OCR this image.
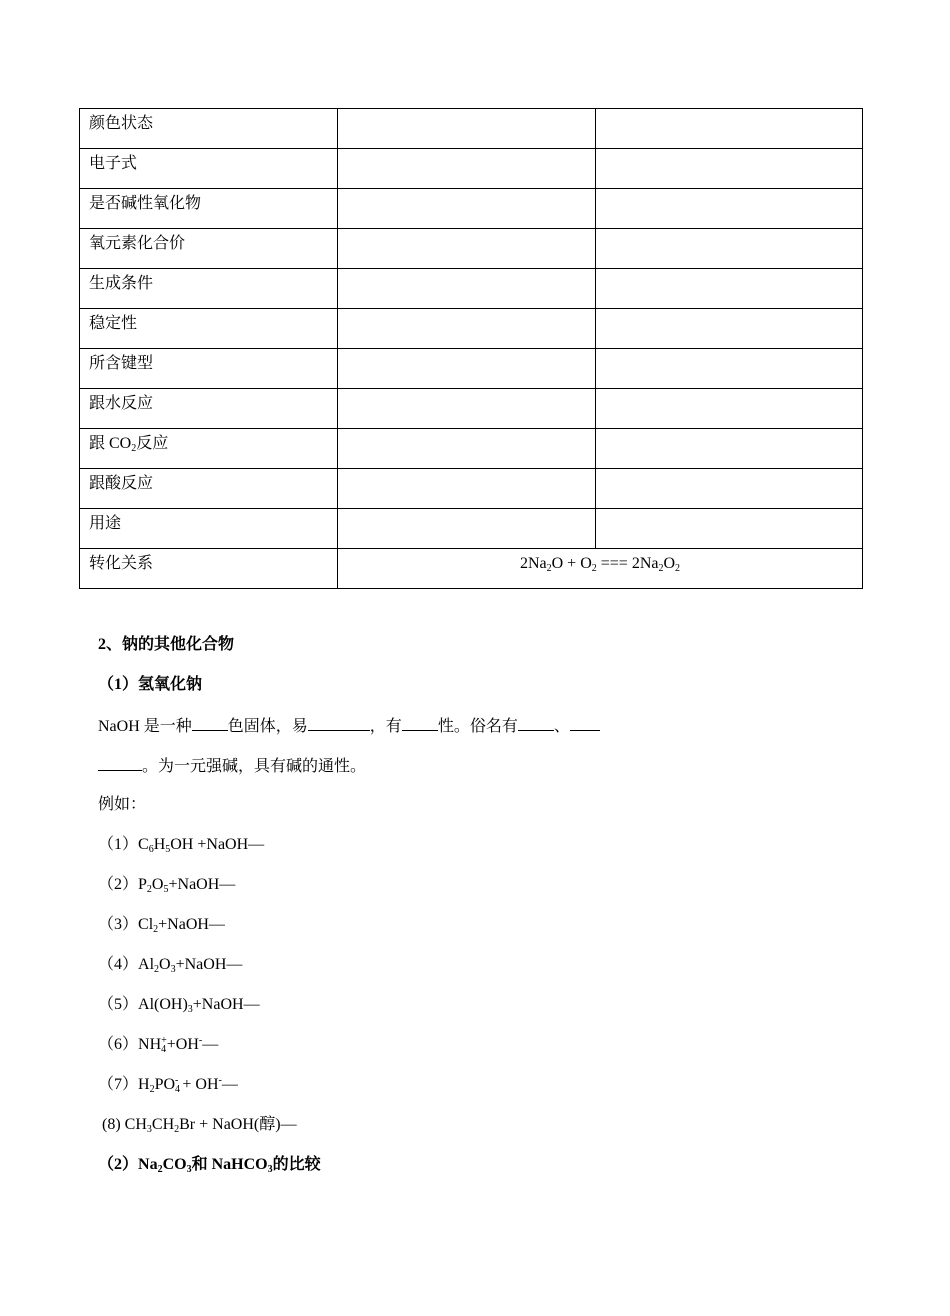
颜色状态		
电子式		
是否碱性氧化物		
氧元素化合价		
生成条件		
稳定性		
所含键型		
跟水反应		
跟 $CO_2$反应		
跟酸反应		
用途		
转化关系	$2Na_2O + O_2$ === $2Na_2O_2$
2、钠的其他化合物
（1）氢氧化钠
NaOH 是一种 色固体，易	，有 性。俗名有 、
。为一元强碱，具有碱的通性。
例如：
$(1)C_6H_5OH$ +NaOH—
$(2)P_2O_5+NaOH—$
$(3)Cl_2+NaOH—$
$(4)Al_2O_3+NaOH—$
$(5)Al(OH)_3+NaOH—$
$(6)NH_4^++OH^-—$
$(7)H_2PO_4^-$ + OH-—
(8) $CH_3CH_2Br$ + NaOH(醇)—
$(2)Na_2CO_3$和 NaHCO$_3$的比较
